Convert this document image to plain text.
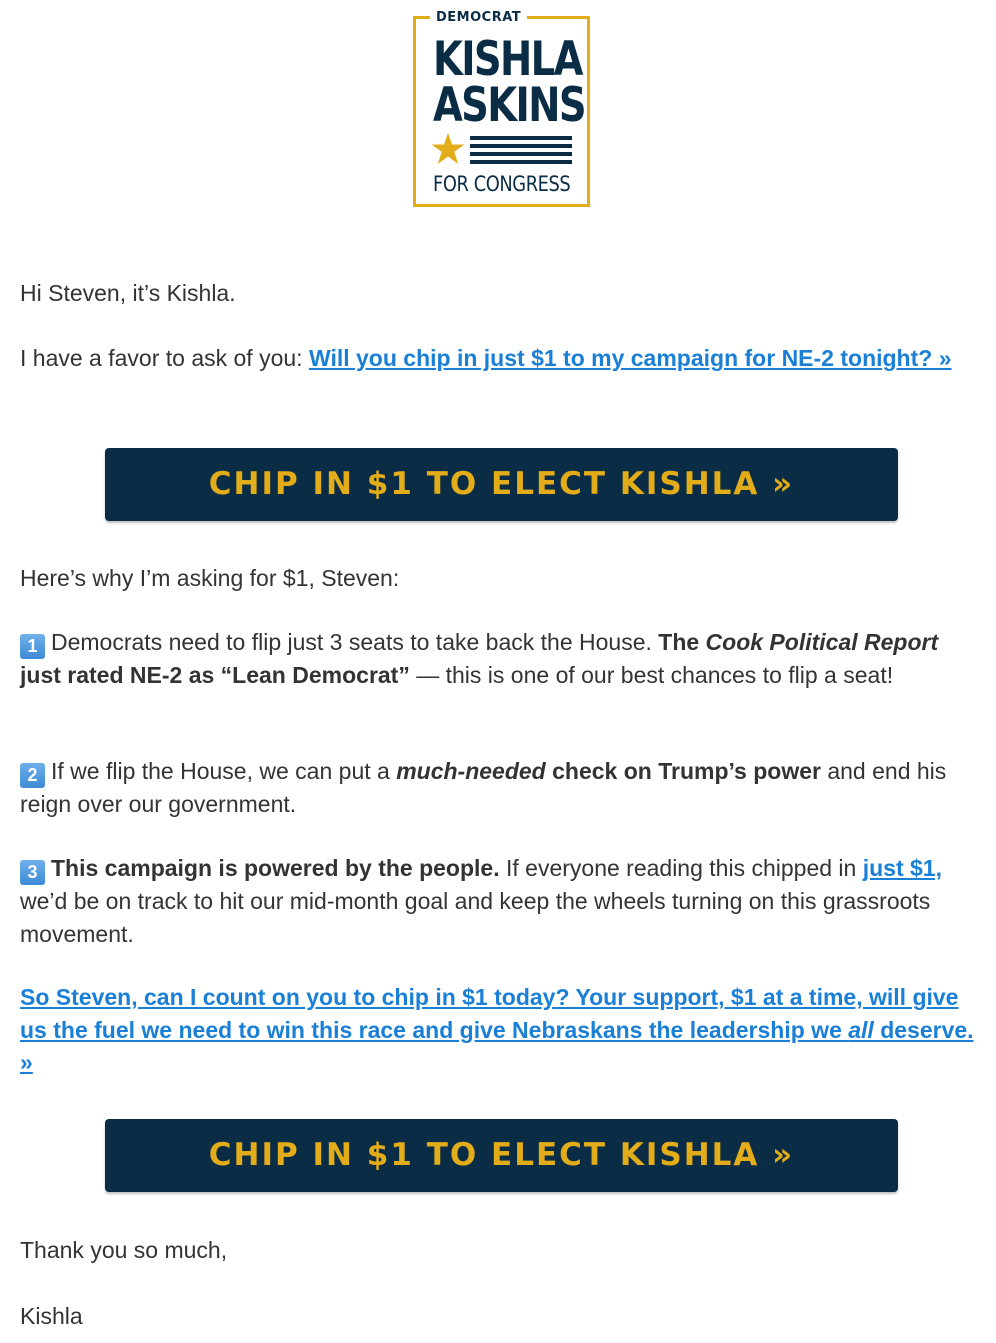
DEMOCRAT
KISHLA
ASKINS
FOR CONGRESS

Hi Steven, it’s Kishla.

I have a favor to ask of you: Will you chip in just $1 to my campaign for NE-2 tonight? »

CHIP IN $1 TO ELECT KISHLA »

Here’s why I’m asking for $1, Steven:

1 Democrats need to flip just 3 seats to take back the House. The Cook Political Report just rated NE-2 as “Lean Democrat” — this is one of our best chances to flip a seat!

2 If we flip the House, we can put a much-needed check on Trump’s power and end his reign over our government.

3 This campaign is powered by the people. If everyone reading this chipped in just $1, we’d be on track to hit our mid-month goal and keep the wheels turning on this grassroots movement.

So Steven, can I count on you to chip in $1 today? Your support, $1 at a time, will give us the fuel we need to win this race and give Nebraskans the leadership we all deserve. »

CHIP IN $1 TO ELECT KISHLA »

Thank you so much,

Kishla
